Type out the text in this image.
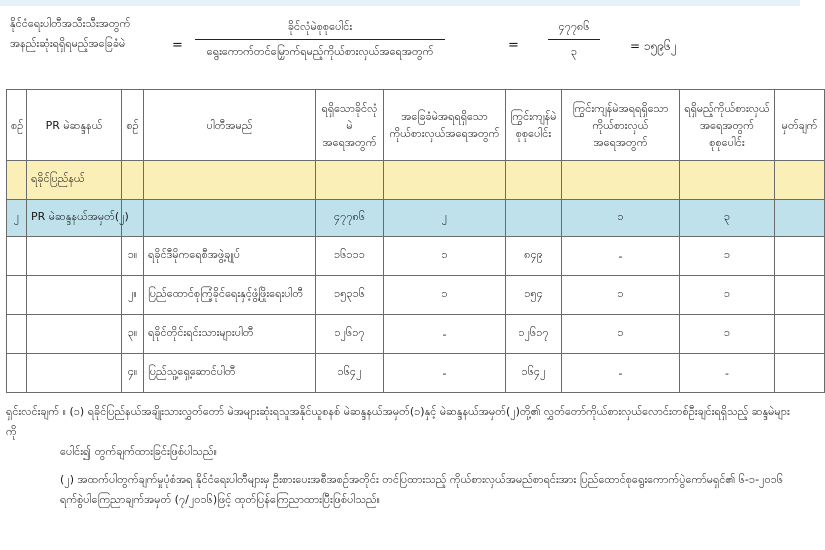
နိုင်ငံရေးပါတီအသီးသီးအတွက်
အနည်းဆုံးရရှိရမည့်အခြေခံမဲ	=
ခိုင်လုံမဲစုစုပေါင်း
ရွေးကောက်တင်မြှောက်ရမည့်ကိုယ်စားလှယ်အရေအတွက်	=
၄၇၇၈၆
၃	= ၁၅၉၆၂
စဉ်	PR မဲဆန္ဒနယ်	စဉ်	ပါတီအမည်	ရရှိသောခိုင်လုံမဲ အရေအတွက်	အခြေခံမဲအရရရှိသော ကိုယ်စားလှယ်အရေအတွက်	ကြွင်းကျန်မဲ စုစုပေါင်း	ကြွင်းကျန်မဲအရရရှိသော ကိုယ်စားလှယ်အရေအတွက်	ရရှိမည့်ကိုယ်စားလှယ် အရေအတွက်စုစုပေါင်း	မှတ်ချက်
	ရခိုင်ပြည်နယ်								
၂	PR မဲဆန္ဒနယ်အမှတ်(၂)			၄၇၇၈၆	၂		၁	၃	
		၁။	ရခိုင်ဒီမိုကရေစီအဖွဲ့ချုပ်	၁၆၁၁၁	၁	၈၄၉	-	၁	
		၂။	ပြည်ထောင်စုကြံ့ခိုင်ရေးနှင့်ဖွံ့ဖြိုးရေးပါတီ	၁၅၃၁၆	၁	၁၅၄	၁	၁	
		၃။	ရခိုင်တိုင်းရင်းသားများပါတီ	၁၂၆၁၇	-	၁၂၆၁၇	၁	၁	
		၄။	ပြည်သူ့ရှေ့ဆောင်ပါတီ	၁၆၄၂	-	၁၆၄၂	-	-	

ရှင်းလင်းချက် ။ (၁) ရခိုင်ပြည်နယ်အချိုးသားလွှတ်တော် မဲအများဆုံးရသူအနိုင်ယူစနစ် မဲဆန္ဒနယ်အမှတ်(၁)နှင့် မဲဆန္ဒနယ်အမှတ်(၂)တို့၏ လွှတ်တော်ကိုယ်စားလှယ်လောင်းတစ်ဦးချင်းရရှိသည့် ဆန္ဒမဲများကို

ပေါင်း၍ တွက်ချက်ထားခြင်းဖြစ်ပါသည်။

(၂) အထက်ပါတွက်ချက်မှုပုံစံအရ နိုင်ငံရေးပါတီများမှ ဦးစားပေးအစီအစဉ်အတိုင်း တင်ပြထားသည့် ကိုယ်စားလှယ်အမည်စာရင်းအား ပြည်ထောင်စုရွေးကောက်ပွဲကော်မရှင်၏ ၆-၁-၂၀၁၆

ရက်စွဲပါကြေညာချက်အမှတ် (၇/၂၀၁၆)ဖြင့် ထုတ်ပြန်ကြေညာထားပြီးဖြစ်ပါသည်။
